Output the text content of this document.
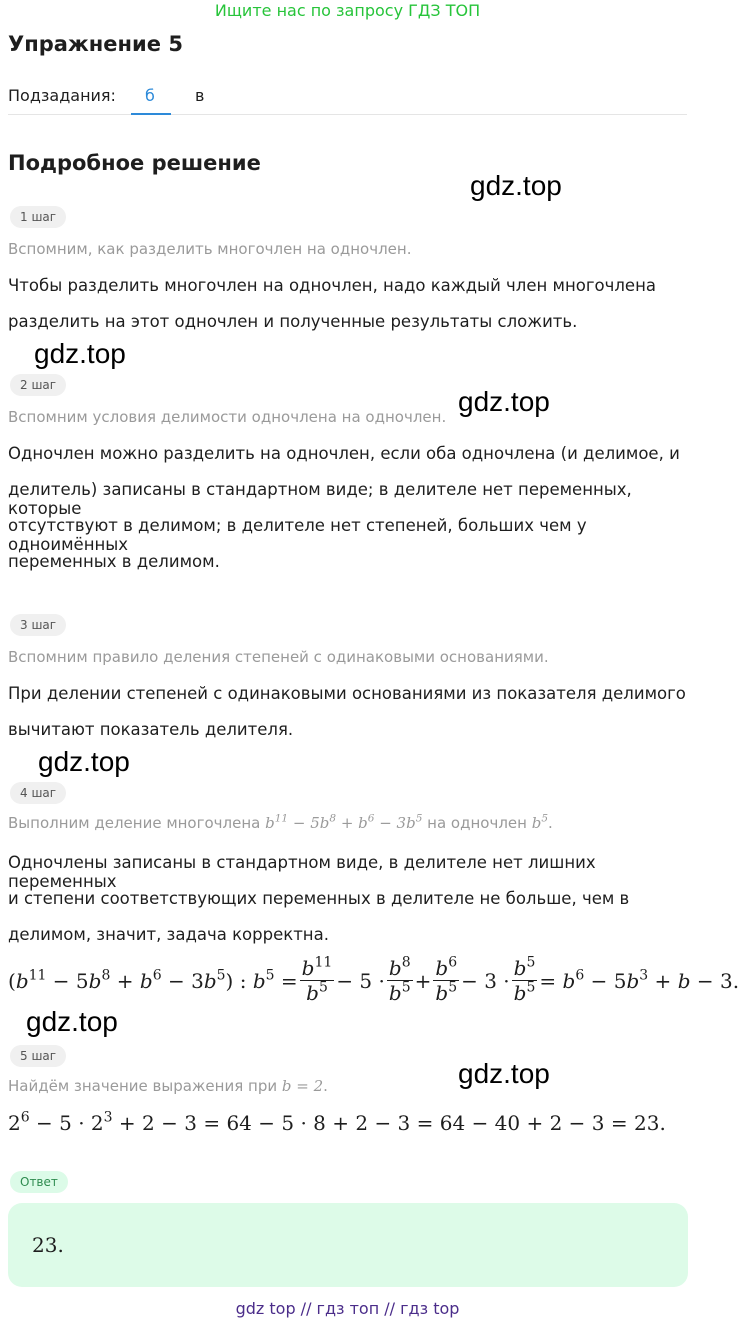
Ищите нас по запросу ГДЗ ТОП
Упражнение 5
Подзадания: б	в
Подробное решение
gdz.top
gdz.top
gdz.top
gdz.top
gdz.top
gdz.top
1 шаг
Вспомним, как разделить многочлен на одночлен.
Чтобы разделить многочлен на одночлен, надо каждый член многочлена
разделить на этот одночлен и полученные результаты сложить.
2 шаг
Вспомним условия делимости одночлена на одночлен.
Одночлен можно разделить на одночлен, если оба одночлена (и делимое, и
делитель) записаны в стандартном виде; в делителе нет переменных, которые
отсутствуют в делимом; в делителе нет степеней, больших чем у одноимённых
переменных в делимом.
3 шаг
Вспомним правило деления степеней с одинаковыми основаниями.
При делении степеней с одинаковыми основаниями из показателя делимого
вычитают показатель делителя.
4 шаг
Выполним деление многочлена $b^{11} - 5b^8 + b^6 - 3b^5$ на одночлен $b^5$.
Одночлены записаны в стандартном виде, в делителе нет лишних переменных
и степени соответствующих переменных в делителе не больше, чем в
делимом, значит, задача корректна.
$(b^{11} - 5b^8 + b^6 - 3b^5)$ : $b^5 = \frac{b^{11}}{b^5} - 5 \cdot \frac{b^8}{b^5} + \frac{b^6}{b^5} - 3 \cdot \frac{b^5}{b^5} = b^6 - 5b^3 + b - 3$.
5 шаг
Найдём значение выражения при b = 2.
$2^6 - 5 \cdot 2^3 + 2 - 3 = 64 - 5 \cdot 8 + 2 - 3 = 64 - 40 + 2 - 3 = 23$.
Ответ
23.
gdz top // гдз топ // гдз top
